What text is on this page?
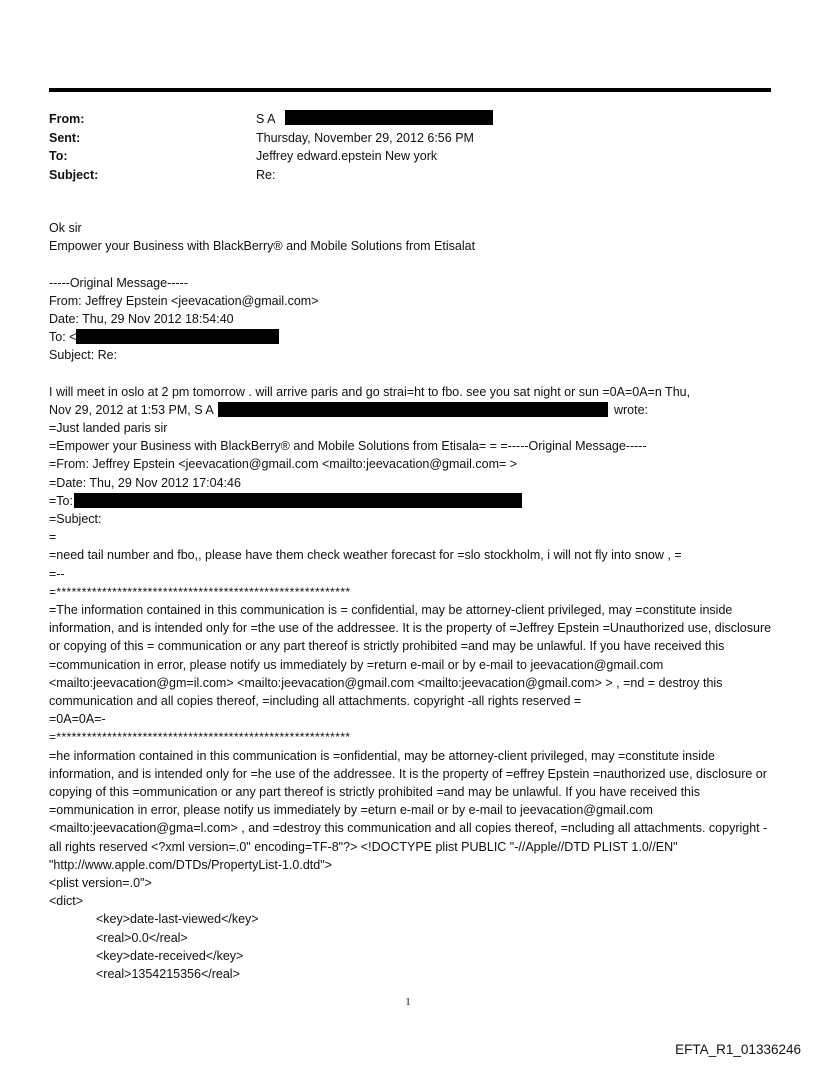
From:	S A
Sent:	Thursday, November 29, 2012 6:56 PM
To:	Jeffrey edward.epstein New york
Subject:	Re:
Ok sir
Empower your Business with BlackBerry® and Mobile Solutions from Etisalat
-----Original Message-----
From: Jeffrey Epstein <jeevacation@gmail.com>
Date: Thu, 29 Nov 2012 18:54:40
To: <
Subject: Re:
I will meet in oslo at 2 pm tomorrow . will arrive paris and go strai=ht to fbo. see you sat night or sun =0A=0A=n Thu,
Nov 29, 2012 at 1:53 PM, S A	wrote:
=Just landed paris sir
=Empower your Business with BlackBerry® and Mobile Solutions from Etisala= = =-----Original Message-----
=From: Jeffrey Epstein <jeevacation@gmail.com <mailto:jeevacation@gmail.com= >
=Date: Thu, 29 Nov 2012 17:04:46
=To:
=Subject:
=
=need tail number and fbo,, please have them check weather forecast for =slo stockholm, i will not fly into snow , =
=--
=**********************************************************
=The information contained in this communication is = confidential, may be attorney-client privileged, may =constitute inside information, and is intended only for =the use of the addressee. It is the property of =Jeffrey Epstein =Unauthorized use, disclosure or copying of this = communication or any part thereof is strictly prohibited =and may be unlawful. If you have received this =communication in error, please notify us immediately by =return e-mail or by e-mail to jeevacation@gmail.com <mailto:jeevacation@gm=il.com> <mailto:jeevacation@gmail.com <mailto:jeevacation@gmail.com> > , =nd = destroy this communication and all copies thereof, =including all attachments. copyright -all rights reserved =
=0A=0A=-
=**********************************************************
=he information contained in this communication is =onfidential, may be attorney-client privileged, may =constitute inside information, and is intended only for =he use of the addressee. It is the property of =effrey Epstein =nauthorized use, disclosure or copying of this =ommunication or any part thereof is strictly prohibited =and may be unlawful. If you have received this =ommunication in error, please notify us immediately by =eturn e-mail or by e-mail to jeevacation@gmail.com <mailto:jeevacation@gma=l.com> , and =destroy this communication and all copies thereof, =ncluding all attachments. copyright -all rights reserved <?xml version=.0" encoding=TF-8"?> <!DOCTYPE plist PUBLIC "-//Apple//DTD PLIST 1.0//EN" "http://www.apple.com/DTDs/PropertyList-1.0.dtd">
<plist version=.0">
<dict>
<key>date-last-viewed</key>
<real>0.0</real>
<key>date-received</key>
<real>1354215356</real>
1
EFTA_R1_01336246
